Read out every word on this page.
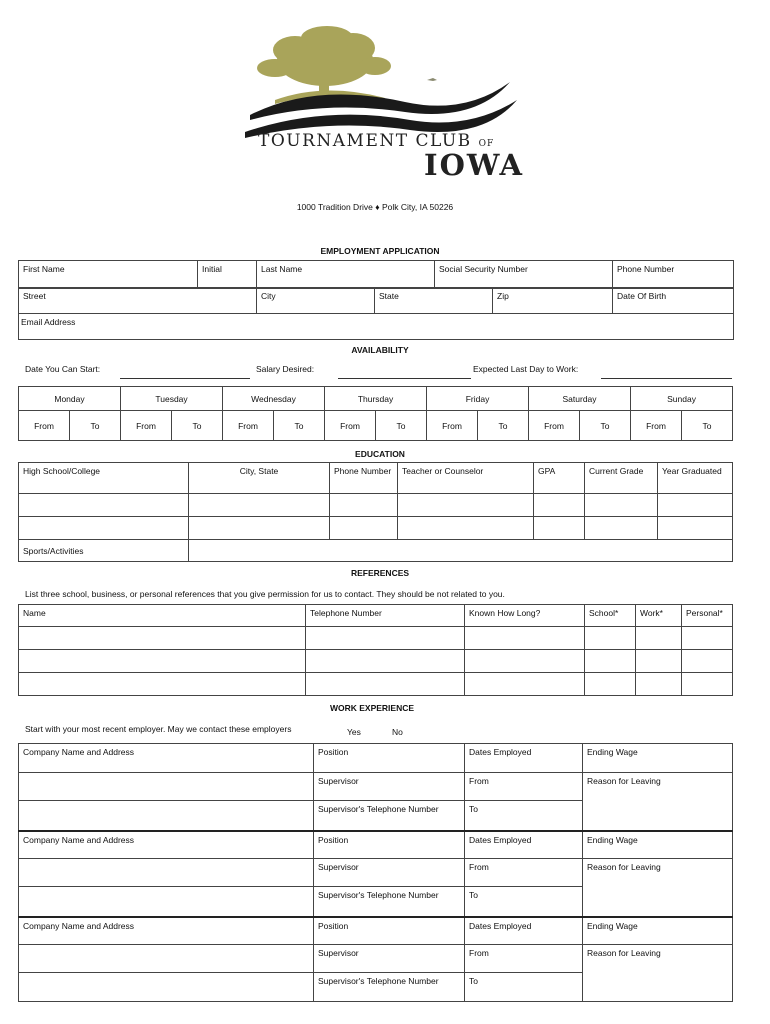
TOURNAMENT CLUB OF
IOWA
1000 Tradition Drive ♦ Polk City, IA 50226
EMPLOYMENT APPLICATION
First Name	Initial	Last Name	Social Security Number	Phone Number
Street	City	State	Zip	Date Of Birth
Email Address
AVAILABILITY
Date You Can Start:	Salary Desired:	Expected Last Day to Work:
Monday		Tuesday		Wednesday		Thursday		Friday		Saturday		Sunday	
From	To	From	To	From	To	From	To	From	To	From	To	From	To
EDUCATION
High School/College	City, State	Phone Number	Teacher or Counselor	GPA	Current Grade	Year Graduated

Sports/Activities						
REFERENCES
List three school, business, or personal references that you give permission for us to contact. They should be not related to you.
Name	Telephone Number	Known How Long?	School*	Work*	Personal*

WORK EXPERIENCE
Start with your most recent employer. May we contact these employers	Yes	No
Company Name and Address	Position	Dates Employed	Ending Wage
	Supervisor	From	Reason for Leaving
	Supervisor's Telephone Number	To	
Company Name and Address	Position	Dates Employed	Ending Wage
	Supervisor	From	Reason for Leaving
	Supervisor's Telephone Number	To	
Company Name and Address	Position	Dates Employed	Ending Wage
	Supervisor	From	Reason for Leaving
	Supervisor's Telephone Number	To	
